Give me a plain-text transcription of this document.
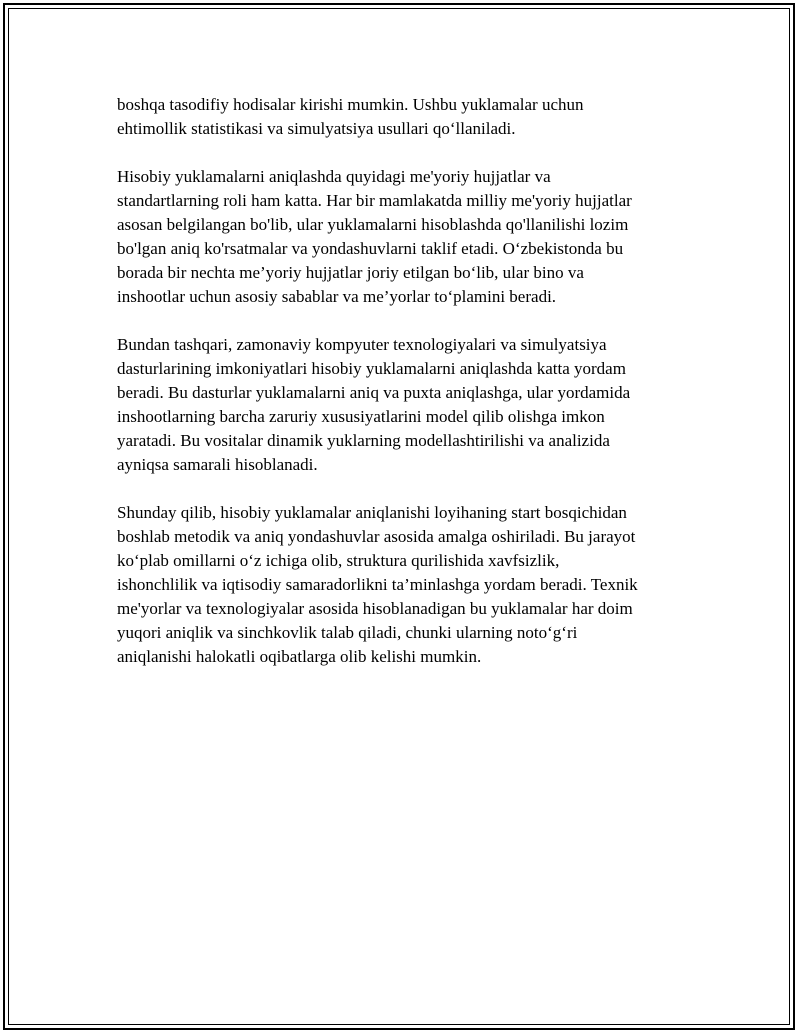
boshqa tasodifiy hodisalar kirishi mumkin. Ushbu yuklamalar uchun
ehtimollik statistikasi va simulyatsiya usullari qo‘llaniladi.

Hisobiy yuklamalarni aniqlashda quyidagi me'yoriy hujjatlar va
standartlarning roli ham katta. Har bir mamlakatda milliy me'yoriy hujjatlar
asosan belgilangan bo'lib, ular yuklamalarni hisoblashda qo'llanilishi lozim
bo'lgan aniq ko'rsatmalar va yondashuvlarni taklif etadi. O‘zbekistonda bu
borada bir nechta me’yoriy hujjatlar joriy etilgan bo‘lib, ular bino va
inshootlar uchun asosiy sabablar va me’yorlar to‘plamini beradi.

Bundan tashqari, zamonaviy kompyuter texnologiyalari va simulyatsiya
dasturlarining imkoniyatlari hisobiy yuklamalarni aniqlashda katta yordam
beradi. Bu dasturlar yuklamalarni aniq va puxta aniqlashga, ular yordamida
inshootlarning barcha zaruriy xususiyatlarini model qilib olishga imkon
yaratadi. Bu vositalar dinamik yuklarning modellashtirilishi va analizida
ayniqsa samarali hisoblanadi.

Shunday qilib, hisobiy yuklamalar aniqlanishi loyihaning start bosqichidan
boshlab metodik va aniq yondashuvlar asosida amalga oshiriladi. Bu jarayot
ko‘plab omillarni o‘z ichiga olib, struktura qurilishida xavfsizlik,
ishonchlilik va iqtisodiy samaradorlikni ta’minlashga yordam beradi. Texnik
me'yorlar va texnologiyalar asosida hisoblanadigan bu yuklamalar har doim
yuqori aniqlik va sinchkovlik talab qiladi, chunki ularning noto‘g‘ri
aniqlanishi halokatli oqibatlarga olib kelishi mumkin.
